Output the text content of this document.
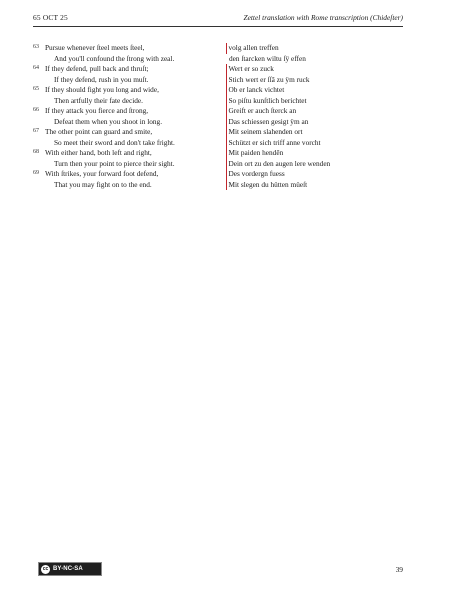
65 OCT 25	Zettel translation with Rome transcription (Chideſter)
63 Pursue whenever ſteel meets ſteel,
And you'll confound the ſtrong with zeal.
64 If they defend, pull back and thruſt;
If they defend, rush in you muſt.
65 If they should fight you long and wide,
Then artfully their fate decide.
66 If they attack you fierce and ſtrong,
Defeat them when you shoot in long.
67 The other point can guard and smite,
So meet their sword and don't take fright.
68 With either hand, both left and right,
Turn then your point to pierce their sight.
69 With ſtrikes, your forward foot defend,
That you may fight on to the end.
volg allen treffen
den ſtarcken wiltu ſÿ effen
Wert er so zuck
Stich wert er ſſã zu ÿm ruck
Ob er lanck vichtet
So piſtu kunſtlich berichtet
Greift er auch ſterck an
Das schiessen gesigt ÿm an
Mit seinem slahenden ort
Schützt er sich triff anne vorcht
Mit paiden hendẽn
Dein ort zu den augen lere wenden
Des vordergn fuess
Mit slegen du hütten müeſt
cc BY-NC-SA	39
